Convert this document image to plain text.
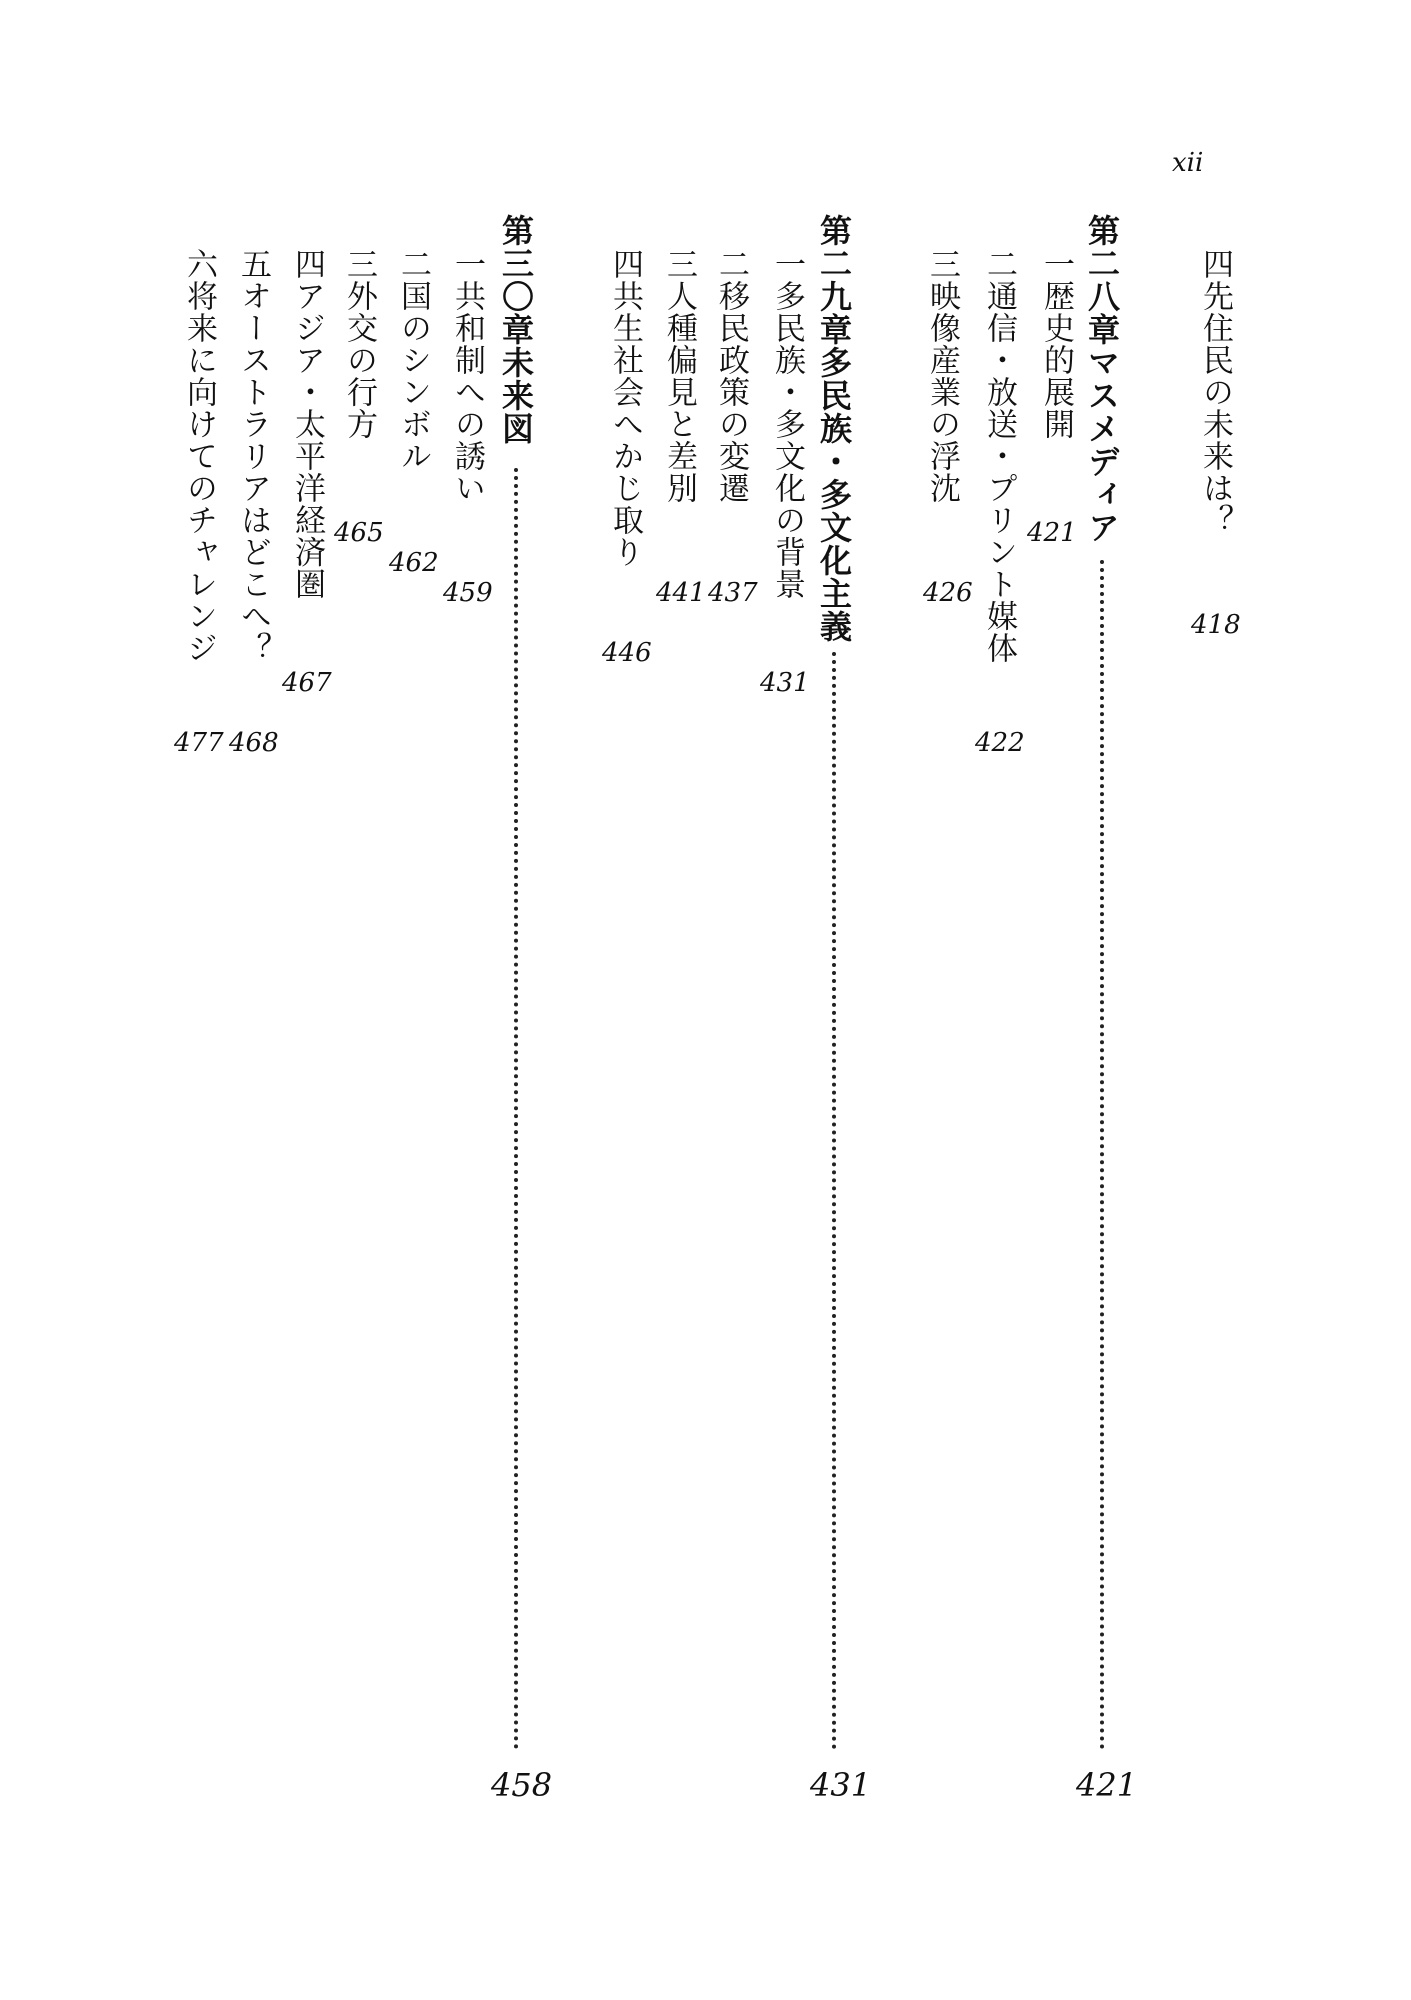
xii
四先住民の未来は？
418
第二八章マスメディア
421
一歴史的展開
421
二通信・放送・プリント媒体
422
三映像産業の浮沈
426
第二九章多民族・多文化主義
431
一多民族・多文化の背景
431
二移民政策の変遷
437
三人種偏見と差別
441
四共生社会へかじ取り
446
第三〇章未来図
458
一共和制への誘い
459
二国のシンボル
462
三外交の行方
465
四アジア・太平洋経済圏
467
五オーストラリアはどこへ？
468
六将来に向けてのチャレンジ
477
